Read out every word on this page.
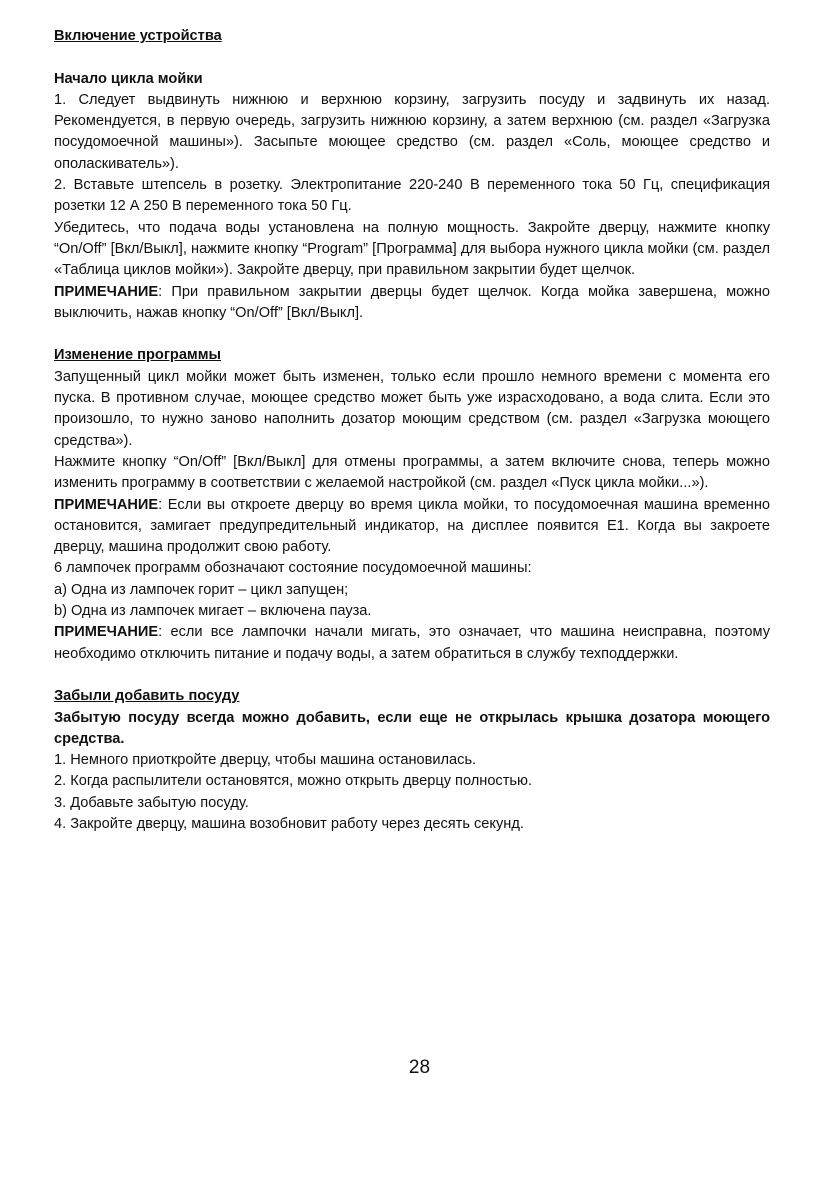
Включение устройства

Начало цикла мойки

1. Следует выдвинуть нижнюю и верхнюю корзину, загрузить посуду и задвинуть их назад. Рекомендуется, в первую очередь, загрузить нижнюю корзину, а затем верхнюю (см. раздел «Загрузка посудомоечной машины»). Засыпьте моющее средство (см. раздел «Соль, моющее средство и ополаскиватель»).

2. Вставьте штепсель в розетку. Электропитание 220-240 В переменного тока 50 Гц, спецификация розетки 12 А 250 В переменного тока 50 Гц.

Убедитесь, что подача воды установлена на полную мощность. Закройте дверцу, нажмите кнопку “On/Off” [Вкл/Выкл], нажмите кнопку “Program” [Программа] для выбора нужного цикла мойки (см. раздел «Таблица циклов мойки»). Закройте дверцу, при правильном закрытии будет щелчок.

ПРИМЕЧАНИЕ: При правильном закрытии дверцы будет щелчок. Когда мойка завершена, можно выключить, нажав кнопку “On/Off” [Вкл/Выкл].

Изменение программы

Запущенный цикл мойки может быть изменен, только если прошло немного времени с момента его пуска. В противном случае, моющее средство может быть уже израсходовано, а вода слита. Если это произошло, то нужно заново наполнить дозатор моющим средством (см. раздел «Загрузка моющего средства»).

Нажмите кнопку “On/Off” [Вкл/Выкл] для отмены программы, а затем включите снова, теперь можно изменить программу в соответствии с желаемой настройкой (см. раздел «Пуск цикла мойки...»).

ПРИМЕЧАНИЕ: Если вы откроете дверцу во время цикла мойки, то посудомоечная машина временно остановится, замигает предупредительный индикатор, на дисплее появится E1. Когда вы закроете дверцу, машина продолжит свою работу.

6 лампочек программ обозначают состояние посудомоечной машины:

a) Одна из лампочек горит – цикл запущен;

b) Одна из лампочек мигает – включена пауза.

ПРИМЕЧАНИЕ: если все лампочки начали мигать, это означает, что машина неисправна, поэтому необходимо отключить питание и подачу воды, а затем обратиться в службу техподдержки.

Забыли добавить посуду

Забытую посуду всегда можно добавить, если еще не открылась крышка дозатора моющего средства.

1. Немного приоткройте дверцу, чтобы машина остановилась.

2. Когда распылители остановятся, можно открыть дверцу полностью.

3. Добавьте забытую посуду.

4. Закройте дверцу, машина возобновит работу через десять секунд.

28
